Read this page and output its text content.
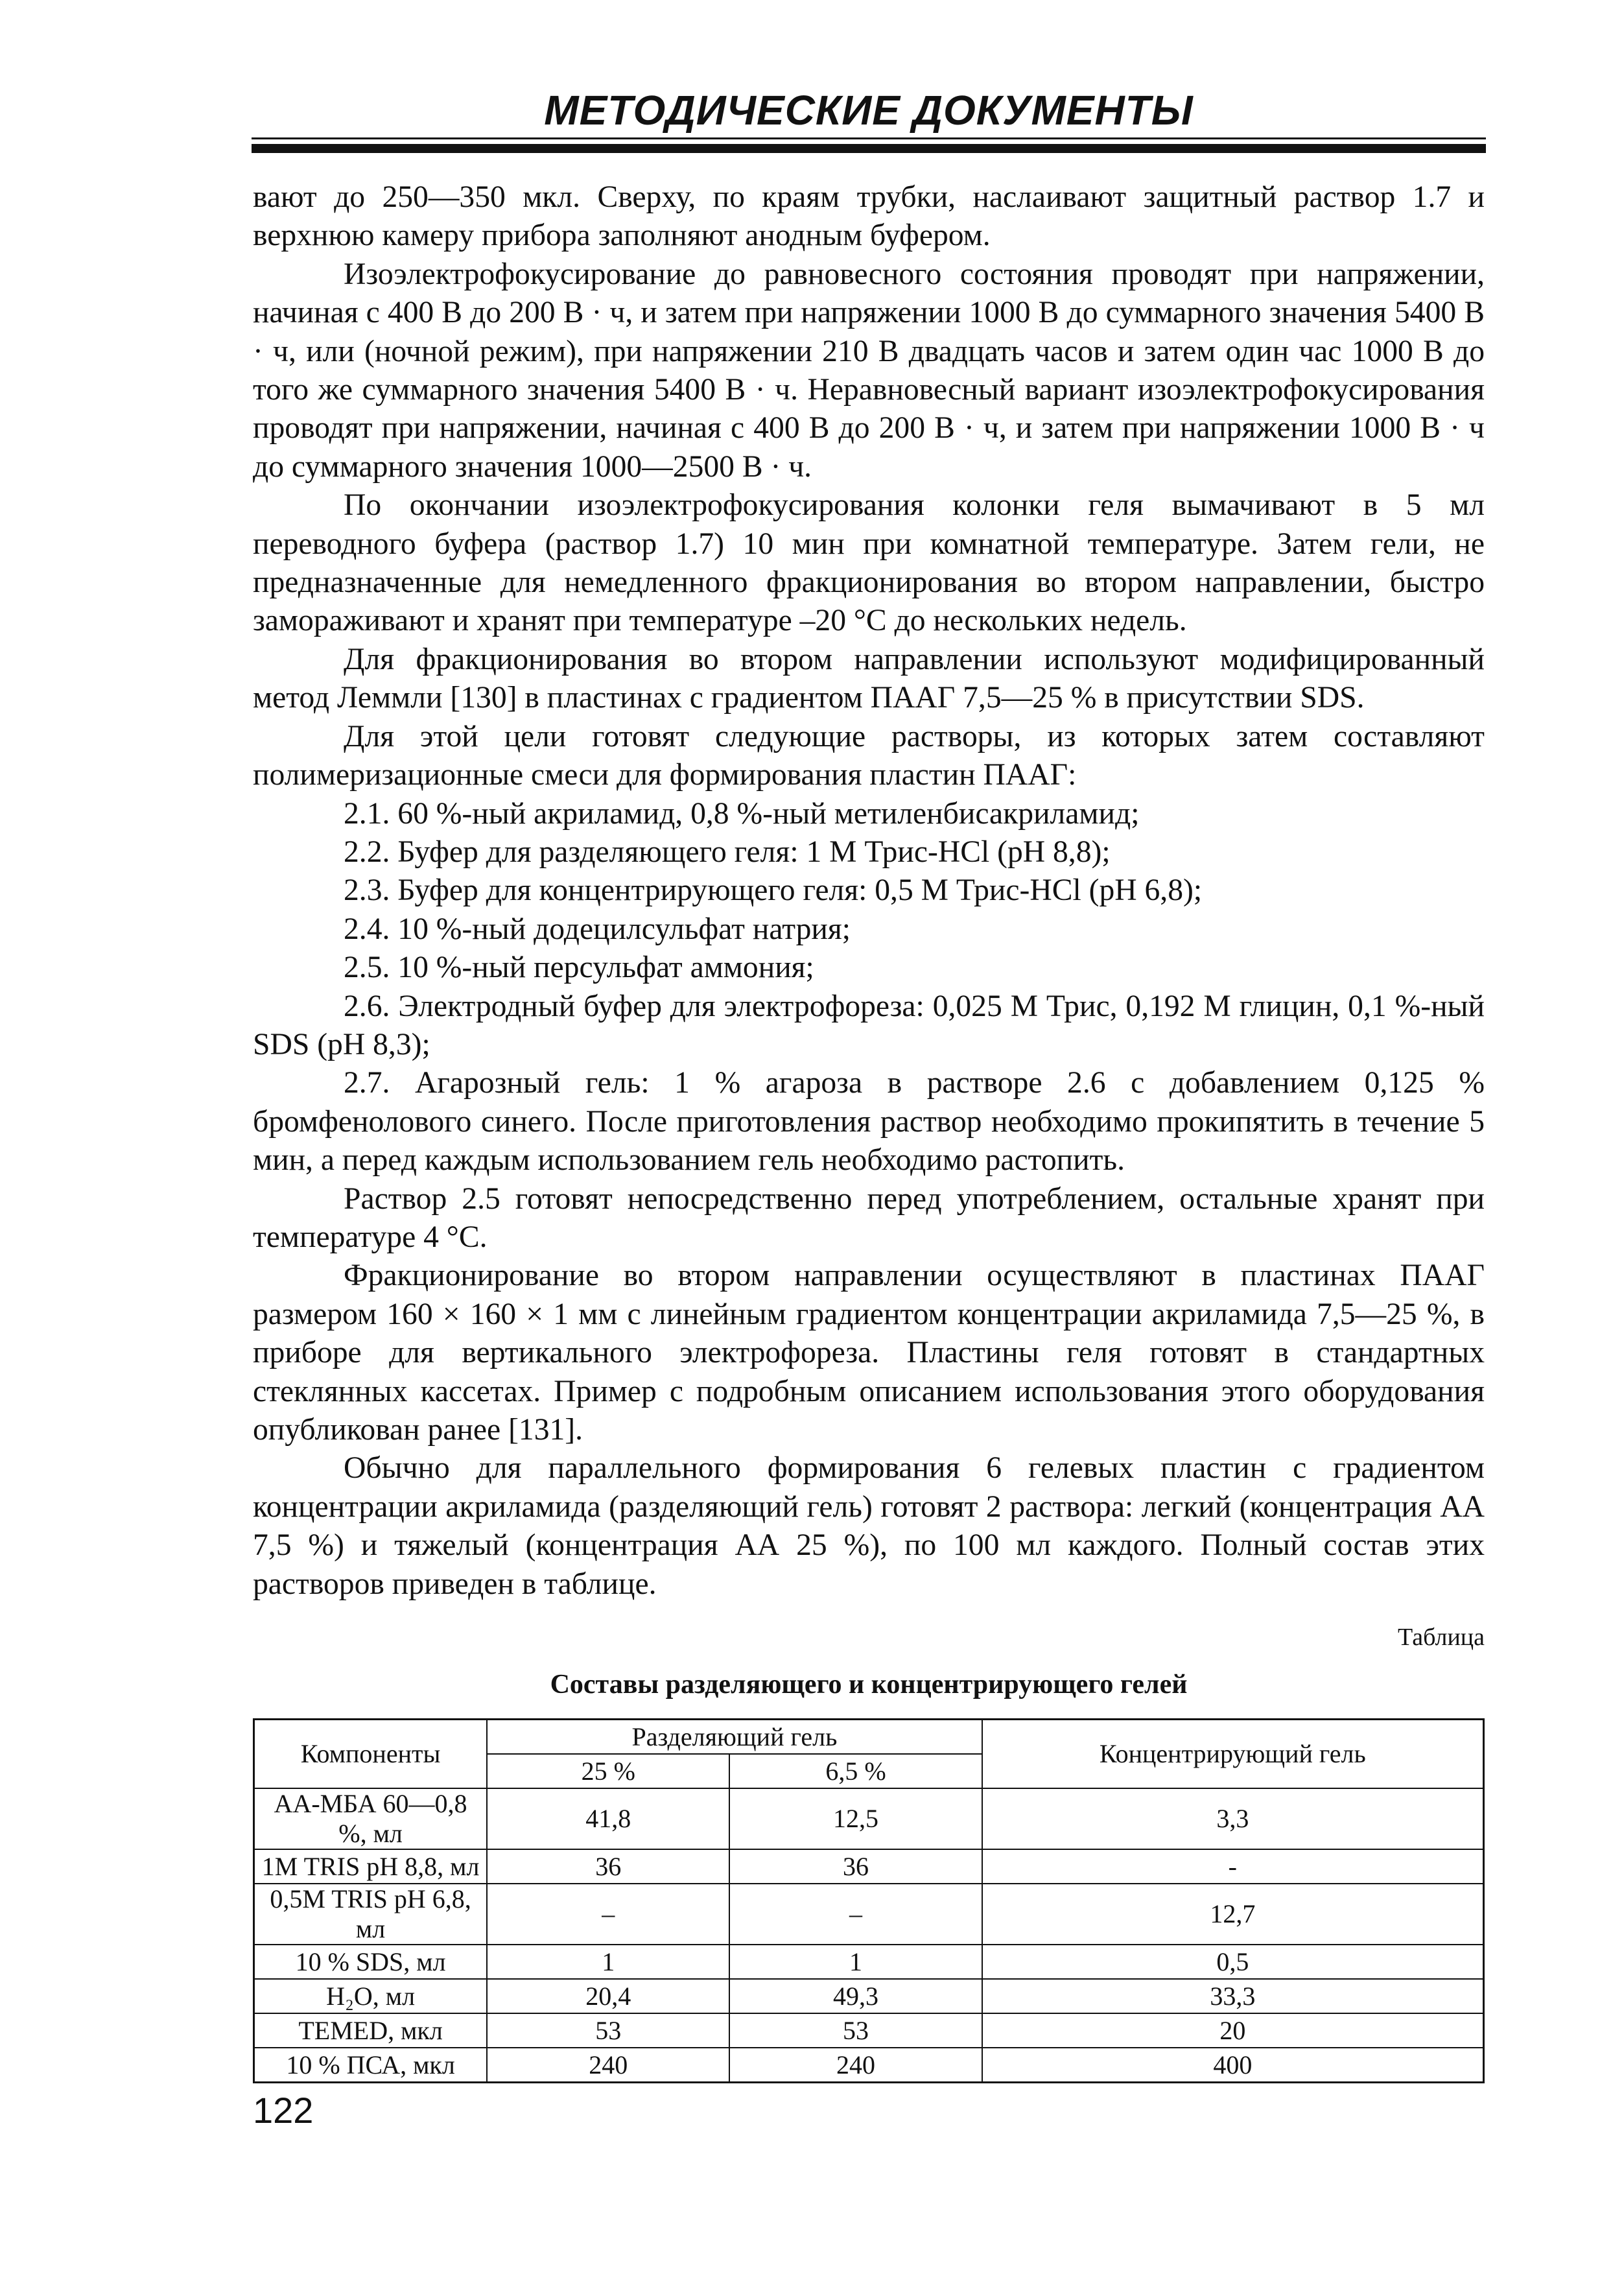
МЕТОДИЧЕСКИЕ ДОКУМЕНТЫ

вают до 250—350 мкл. Сверху, по краям трубки, наслаивают защитный раствор 1.7 и верхнюю камеру прибора заполняют анодным буфером.

Изоэлектрофокусирование до равновесного состояния проводят при напряжении, начиная с 400 В до 200 В · ч, и затем при напряжении 1000 В до суммарного значения 5400 В · ч, или (ночной режим), при напряжении 210 В двадцать часов и затем один час 1000 В до того же суммарного значения 5400 В · ч. Неравновесный вариант изоэлектрофокусирования проводят при напряжении, начиная с 400 В до 200 В · ч, и затем при напряжении 1000 В · ч до суммарного значения 1000—2500 В · ч.

По окончании изоэлектрофокусирования колонки геля вымачивают в 5 мл переводного буфера (раствор 1.7) 10 мин при комнатной температуре. Затем гели, не предназначенные для немедленного фракционирования во втором направлении, быстро замораживают и хранят при температуре –20 °С до нескольких недель.

Для фракционирования во втором направлении используют модифицированный метод Леммли [130] в пластинах с градиентом ПААГ 7,5—25 % в присутствии SDS.

Для этой цели готовят следующие растворы, из которых затем составляют полимеризационные смеси для формирования пластин ПААГ:

2.1. 60 %-ный акриламид, 0,8 %-ный метиленбисакриламид;

2.2. Буфер для разделяющего геля: 1 М Трис-HCl (рН 8,8);

2.3. Буфер для концентрирующего геля: 0,5 М Трис-HCl (рН 6,8);

2.4. 10 %-ный додецилсульфат натрия;

2.5. 10 %-ный персульфат аммония;

2.6. Электродный буфер для электрофореза: 0,025 М Трис, 0,192 М глицин, 0,1 %-ный SDS (рН 8,3);

2.7. Агарозный гель: 1 % агароза в растворе 2.6 с добавлением 0,125 % бромфенолового синего. После приготовления раствор необходимо прокипятить в течение 5 мин, а перед каждым использованием гель необходимо растопить.

Раствор 2.5 готовят непосредственно перед употреблением, остальные хранят при температуре 4 °С.

Фракционирование во втором направлении осуществляют в пластинах ПААГ размером 160 × 160 × 1 мм с линейным градиентом концентрации акриламида 7,5—25 %, в приборе для вертикального электрофореза. Пластины геля готовят в стандартных стеклянных кассетах. Пример с подробным описанием использования этого оборудования опубликован ранее [131].

Обычно для параллельного формирования 6 гелевых пластин с градиентом концентрации акриламида (разделяющий гель) готовят 2 раствора: легкий (концентрация АА 7,5 %) и тяжелый (концентрация АА 25 %), по 100 мл каждого. Полный состав этих растворов приведен в таблице.

Таблица
Составы разделяющего и концентрирующего гелей
Компоненты	Разделяющий гель		Концентрирующий гель
	25 %	6,5 %	
АА-МБА 60—0,8 %, мл	41,8	12,5	3,3
1M TRIS pH 8,8, мл	36	36	-
0,5M TRIS pH 6,8, мл	–	–	12,7
10 % SDS, мл	1	1	0,5
H₂O, мл	20,4	49,3	33,3
TEMED, мкл	53	53	20
10 % ПСА, мкл	240	240	400
122
